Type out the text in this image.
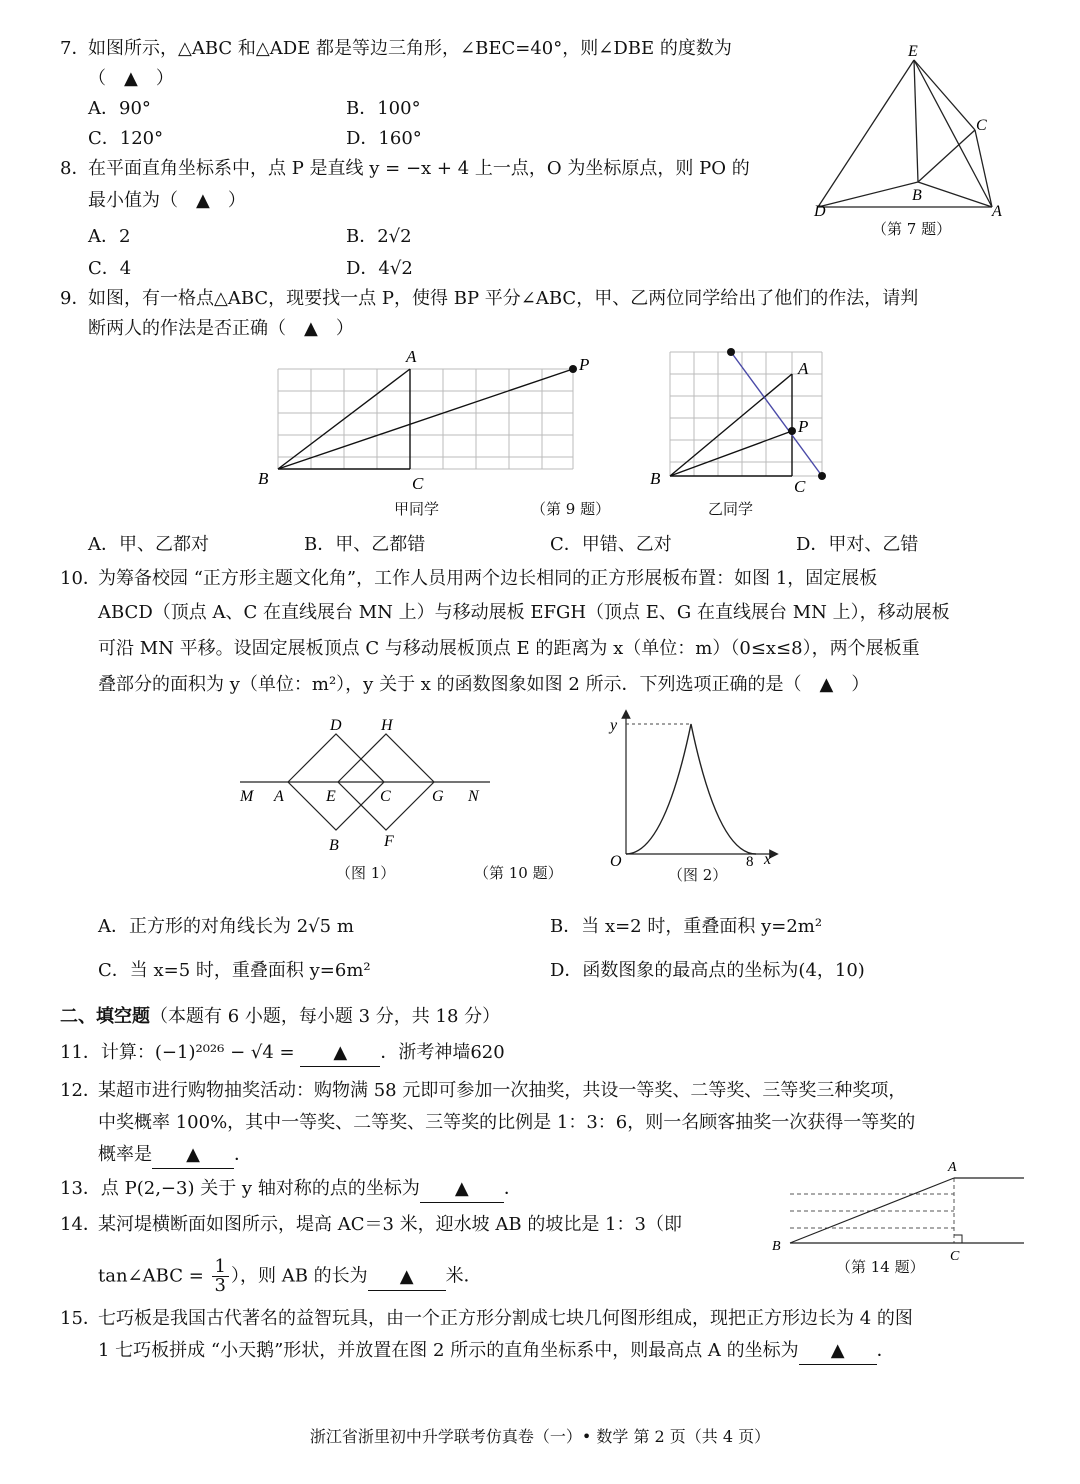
7．
如图所示，△ABC 和△ADE 都是等边三角形，∠BEC=40°，则∠DBE 的度数为
（　▲　）
A．90°	B．100°
C．120°	D．160°
E
C
B
D	A
（第 7 题）
8．
在平面直角坐标系中，点 P 是直线 y = −x + 4 上一点，O 为坐标原点，则 PO 的
最小值为（　▲　）
A．2	B．2√2
C．4	D．4√2
9．
如图，有一格点△ABC，现要找一点 P，使得 BP 平分∠ABC，甲、乙两位同学给出了他们的作法，请判
断两人的作法是否正确（　▲　）
A	P
B	C
A
P
B	C
甲同学	（第 9 题）	乙同学
A．甲、乙都对	B．甲、乙都错	C．甲错、乙对	D．甲对、乙错
10．
为筹备校园 “正方形主题文化角”，工作人员用两个边长相同的正方形展板布置：如图 1，固定展板
ABCD（顶点 A、C 在直线展台 MN 上）与移动展板 EFGH（顶点 E、G 在直线展台 MN 上），移动展板
可沿 MN 平移。设固定展板顶点 C 与移动展板顶点 E 的距离为 x（单位：m）（0≤x≤8），两个展板重
叠部分的面积为 y（单位：m²），y 关于 x 的函数图象如图 2 所示．下列选项正确的是（　▲　）
D H
M A	E	C	G N
B	F
（图 1）	（第 10 题）
y
O	8 x
（图 2）
A．正方形的对角线长为 2√5 m	B．当 x=2 时，重叠面积 y=2m²
C．当 x=5 时，重叠面积 y=6m²	D．函数图象的最高点的坐标为(4，10)
二、填空题（本题有 6 小题，每小题 3 分，共 18 分）
11．计算：(−1)²⁰²⁶ − √4 = ▲ ．浙考神墙620
12．
某超市进行购物抽奖活动：购物满 58 元即可参加一次抽奖，共设一等奖、二等奖、三等奖三种奖项，
中奖概率 100%，其中一等奖、二等奖、三等奖的比例是 1：3：6，则一名顾客抽奖一次获得一等奖的
概率是 ▲ ．
13．点 P(2,−3) 关于 y 轴对称的点的坐标为 ▲ ．
14．
某河堤横断面如图所示，堤高 AC＝3 米，迎水坡 AB 的坡比是 1：3（即
tan∠ABC = $\frac{1}{3}$ ），则 AB 的长为 ▲ 米．
A
B
C
（第 14 题）
15．
七巧板是我国古代著名的益智玩具，由一个正方形分割成七块几何图形组成，现把正方形边长为 4 的图
1 七巧板拼成 “小天鹅”形状，并放置在图 2 所示的直角坐标系中，则最高点 A 的坐标为 ▲ ．
浙江省浙里初中升学联考仿真卷（一）• 数学 第 2 页（共 4 页）
